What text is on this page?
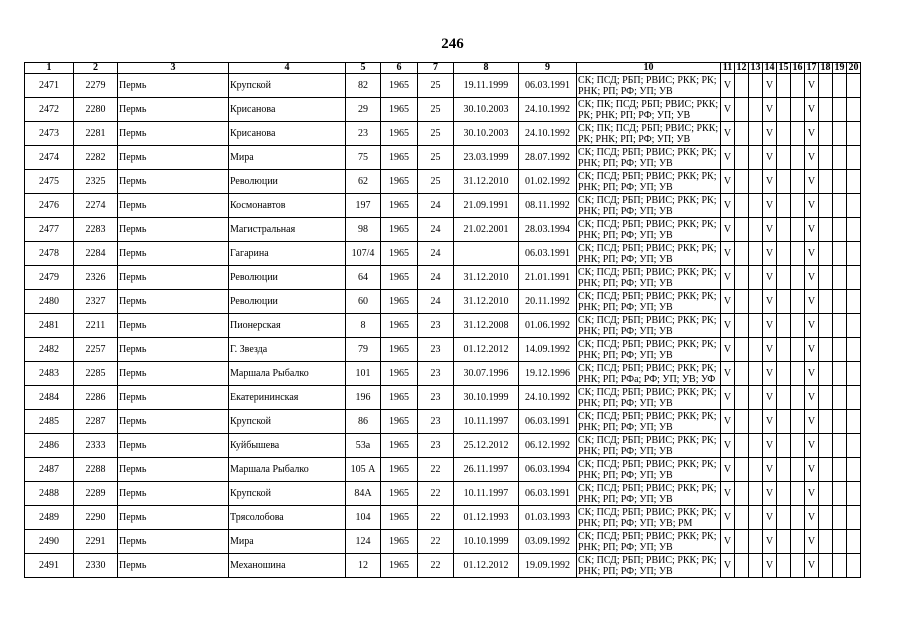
246
1	2	3	4	5	6	7	8	9	10	11	12	13	14	15	16	17	18	19	20
2471	2279	Пермь	Крупской	82	1965	25	19.11.1999	06.03.1991	СК; ПСД; РБП; РВИС; РКК; РК; РНК; РП; РФ; УП; УВ	V			V			V			
2472	2280	Пермь	Крисанова	29	1965	25	30.10.2003	24.10.1992	СК; ПК; ПСД; РБП; РВИС; РКК; РК; РНК; РП; РФ; УП; УВ	V			V			V			
2473	2281	Пермь	Крисанова	23	1965	25	30.10.2003	24.10.1992	СК; ПК; ПСД; РБП; РВИС; РКК; РК; РНК; РП; РФ; УП; УВ	V			V			V			
2474	2282	Пермь	Мира	75	1965	25	23.03.1999	28.07.1992	СК; ПСД; РБП; РВИС; РКК; РК; РНК; РП; РФ; УП; УВ	V			V			V			
2475	2325	Пермь	Революции	62	1965	25	31.12.2010	01.02.1992	СК; ПСД; РБП; РВИС; РКК; РК; РНК; РП; РФ; УП; УВ	V			V			V			
2476	2274	Пермь	Космонавтов	197	1965	24	21.09.1991	08.11.1992	СК; ПСД; РБП; РВИС; РКК; РК; РНК; РП; РФ; УП; УВ	V			V			V			
2477	2283	Пермь	Магистральная	98	1965	24	21.02.2001	28.03.1994	СК; ПСД; РБП; РВИС; РКК; РК; РНК; РП; РФ; УП; УВ	V			V			V			
2478	2284	Пермь	Гагарина	107/4	1965	24		06.03.1991	СК; ПСД; РБП; РВИС; РКК; РК; РНК; РП; РФ; УП; УВ	V			V			V			
2479	2326	Пермь	Революции	64	1965	24	31.12.2010	21.01.1991	СК; ПСД; РБП; РВИС; РКК; РК; РНК; РП; РФ; УП; УВ	V			V			V			
2480	2327	Пермь	Революции	60	1965	24	31.12.2010	20.11.1992	СК; ПСД; РБП; РВИС; РКК; РК; РНК; РП; РФ; УП; УВ	V			V			V			
2481	2211	Пермь	Пионерская	8	1965	23	31.12.2008	01.06.1992	СК; ПСД; РБП; РВИС; РКК; РК; РНК; РП; РФ; УП; УВ	V			V			V			
2482	2257	Пермь	Г. Звезда	79	1965	23	01.12.2012	14.09.1992	СК; ПСД; РБП; РВИС; РКК; РК; РНК; РП; РФ; УП; УВ	V			V			V			
2483	2285	Пермь	Маршала Рыбалко	101	1965	23	30.07.1996	19.12.1996	СК; ПСД; РБП; РВИС; РКК; РК; РНК; РП; РФа; РФ; УП; УВ; УФ	V			V			V			
2484	2286	Пермь	Екатерининская	196	1965	23	30.10.1999	24.10.1992	СК; ПСД; РБП; РВИС; РКК; РК; РНК; РП; РФ; УП; УВ	V			V			V			
2485	2287	Пермь	Крупской	86	1965	23	10.11.1997	06.03.1991	СК; ПСД; РБП; РВИС; РКК; РК; РНК; РП; РФ; УП; УВ	V			V			V			
2486	2333	Пермь	Куйбышева	53а	1965	23	25.12.2012	06.12.1992	СК; ПСД; РБП; РВИС; РКК; РК; РНК; РП; РФ; УП; УВ	V			V			V			
2487	2288	Пермь	Маршала Рыбалко	105 А	1965	22	26.11.1997	06.03.1994	СК; ПСД; РБП; РВИС; РКК; РК; РНК; РП; РФ; УП; УВ	V			V			V			
2488	2289	Пермь	Крупской	84А	1965	22	10.11.1997	06.03.1991	СК; ПСД; РБП; РВИС; РКК; РК; РНК; РП; РФ; УП; УВ	V			V			V			
2489	2290	Пермь	Трясолобова	104	1965	22	01.12.1993	01.03.1993	СК; ПСД; РБП; РВИС; РКК; РК; РНК; РП; РФ; УП; УВ; РМ	V			V			V			
2490	2291	Пермь	Мира	124	1965	22	10.10.1999	03.09.1992	СК; ПСД; РБП; РВИС; РКК; РК; РНК; РП; РФ; УП; УВ	V			V			V			
2491	2330	Пермь	Механошина	12	1965	22	01.12.2012	19.09.1992	СК; ПСД; РБП; РВИС; РКК; РК; РНК; РП; РФ; УП; УВ	V			V			V			
